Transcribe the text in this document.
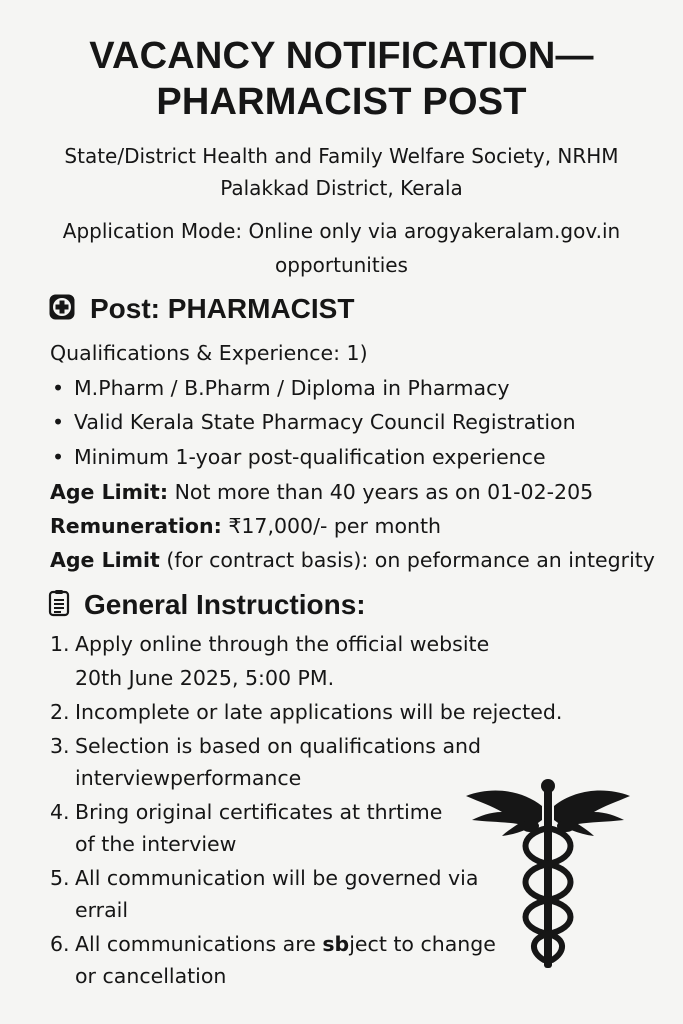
VACANCY NOTIFICATION—
PHARMACIST POST
State/District Health and Family Welfare Society, NRHM
Palakkad District, Kerala
Application Mode: Online only via arogyakeralam.gov.in
opportunities
Post: PHARMACIST
Qualifications & Experience: 1)
• M.Pharm / B.Pharm / Diploma in Pharmacy
• Valid Kerala State Pharmacy Council Registration
• Minimum 1-yoar post-qualification experience
Age Limit: Not more than 40 years as on 01-02-205
Remuneration: ₹17,000/- per month
Age Limit (for contract basis): on peformance an integrity
General Instructions:
1. Apply online through the official website
20th June 2025, 5:00 PM.
2. Incomplete or late applications will be rejected.
3. Selection is based on qualifications and
interviewperformance
4. Bring original certificates at thrtime
of the interview
5. All communication will be governed via
errail
6. All communications are sbject to change
or cancellation
